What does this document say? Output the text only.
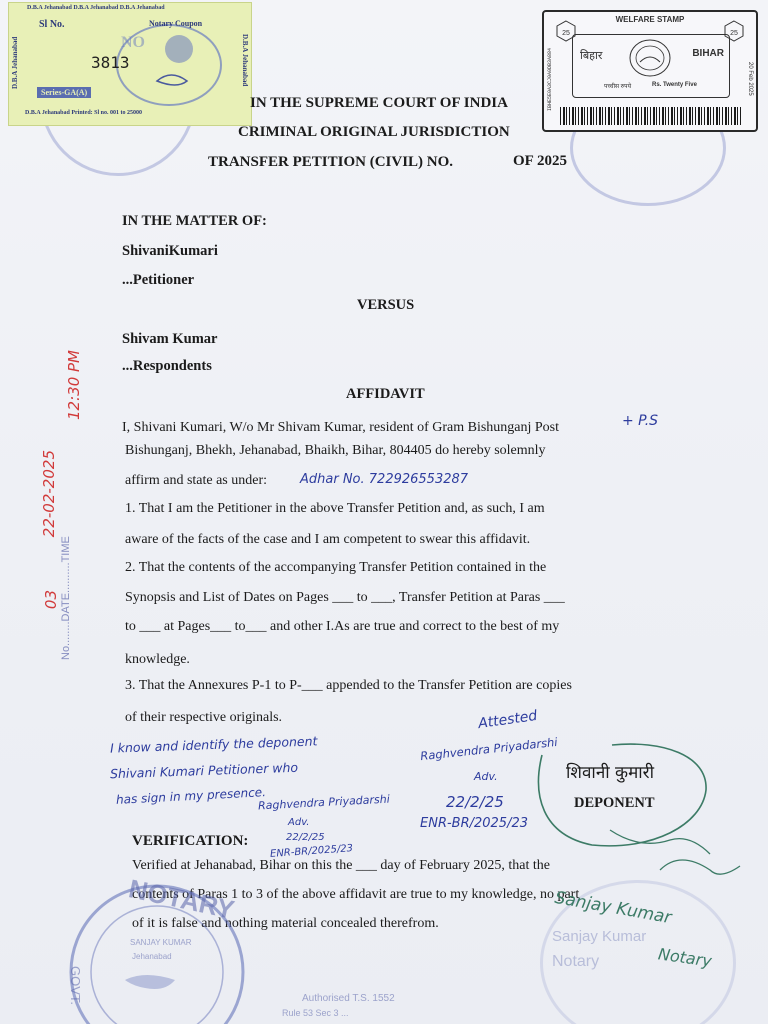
D.B.A Jehanabad D.B.A Jehanabad D.B.A Jehanabad
D.B.A Jehanabad	D.B.A Jehanabad
Sl No.
NO
3813
Notary Coupon
Series-GA(A)
D.B.A Jehanabad Printed: Sl no. 001 to 25000
25	25
WELFARE STAMP
बिहार	BIHAR
पच्चीस रुपये	Rs. Twenty Five
IBHE5E0A3CJ0A0DB3A884	20 Feb 2025
IN THE SUPREME COURT OF INDIA
CRIMINAL ORIGINAL JURISDICTION
TRANSFER PETITION (CIVIL) NO.	OF 2025
IN THE MATTER OF:
ShivaniKumari
...Petitioner
VERSUS
Shivam Kumar
...Respondents
AFFIDAVIT
I, Shivani Kumari, W/o Mr Shivam Kumar, resident of Gram Bishunganj Post
Bishunganj, Bhekh, Jehanabad, Bhaikh, Bihar, 804405 do hereby solemnly
affirm and state as under:
+ P.S
Adhar No. 722926553287
1. That I am the Petitioner in the above Transfer Petition and, as such, I am
aware of the facts of the case and I am competent to swear this affidavit.
2. That the contents of the accompanying Transfer Petition contained in the
Synopsis and List of Dates on Pages ___ to ___, Transfer Petition at Paras ___
to ___ at Pages___ to___ and other I.As are true and correct to the best of my
knowledge.
3. That the Annexures P-1 to P-___ appended to the Transfer Petition are copies
of their respective originals.
12:30 PM
22-02-2025
03 No........DATE..........TIME
I know and identify the deponent
Shivani Kumari Petitioner who
has sign in my presence.
Raghvendra Priyadarshi
Adv.
22/2/25
ENR-BR/2025/23
Attested
Raghvendra Priyadarshi
Adv.
22/2/25
ENR-BR/2025/23
शिवानी कुमारी
DEPONENT
VERIFICATION:
Verified at Jehanabad, Bihar on this the ___ day of February 2025, that the
contents of Paras 1 to 3 of the above affidavit are true to my knowledge, no part
of it is false and nothing material concealed therefrom.	Sanjay Kumar
Notary
NOTARY
SANJAY KUMAR
Jehanabad
GOVT.	Authorised T.S. 1552
Rule 53 Sec 3 ...
Sanjay Kumar
Notary
